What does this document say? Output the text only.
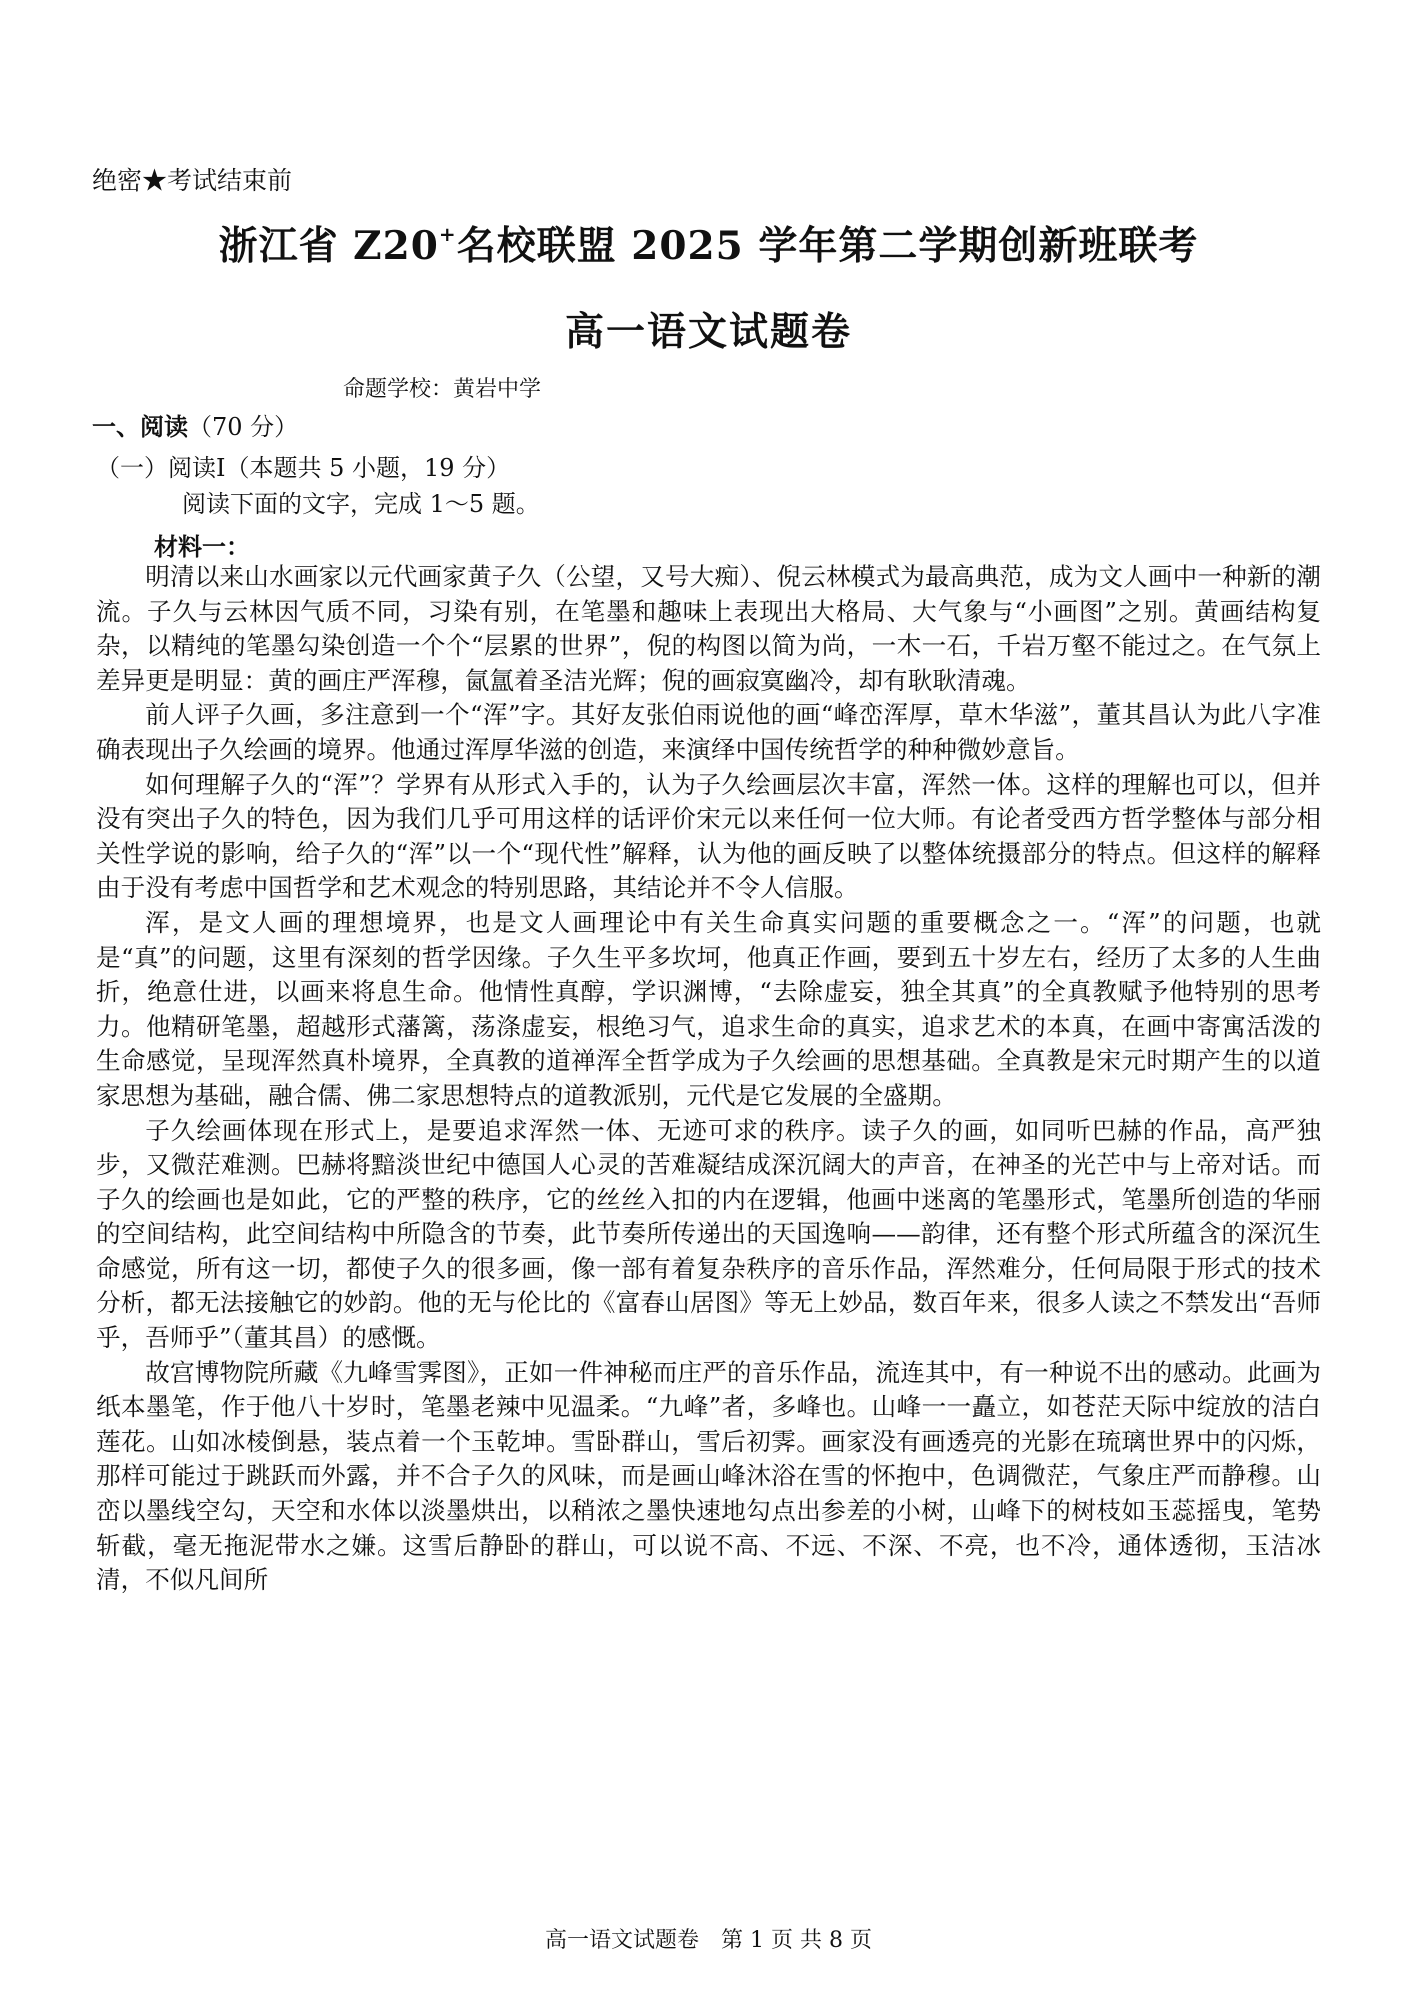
绝密★考试结束前
浙江省 Z20+名校联盟 2025 学年第二学期创新班联考
高一语文试题卷
命题学校：黄岩中学
一、阅读（70 分）
（一）阅读Ⅰ（本题共 5 小题，19 分）
阅读下面的文字，完成 1～5 题。
材料一：

明清以来山水画家以元代画家黄子久（公望，又号大痴）、倪云林模式为最高典范，成为文人画中一种新的潮流。子久与云林因气质不同，习染有别，在笔墨和趣味上表现出大格局、大气象与“小画图”之别。黄画结构复杂，以精纯的笔墨勾染创造一个个“层累的世界”，倪的构图以简为尚，一木一石，千岩万壑不能过之。在气氛上差异更是明显：黄的画庄严浑穆，氤氲着圣洁光辉；倪的画寂寞幽冷，却有耿耿清魂。

前人评子久画，多注意到一个“浑”字。其好友张伯雨说他的画“峰峦浑厚，草木华滋”，董其昌认为此八字准确表现出子久绘画的境界。他通过浑厚华滋的创造，来演绎中国传统哲学的种种微妙意旨。

如何理解子久的“浑”？学界有从形式入手的，认为子久绘画层次丰富，浑然一体。这样的理解也可以，但并没有突出子久的特色，因为我们几乎可用这样的话评价宋元以来任何一位大师。有论者受西方哲学整体与部分相关性学说的影响，给子久的“浑”以一个“现代性”解释，认为他的画反映了以整体统摄部分的特点。但这样的解释由于没有考虑中国哲学和艺术观念的特别思路，其结论并不令人信服。

浑，是文人画的理想境界，也是文人画理论中有关生命真实问题的重要概念之一。“浑”的问题，也就是“真”的问题，这里有深刻的哲学因缘。子久生平多坎坷，他真正作画，要到五十岁左右，经历了太多的人生曲折，绝意仕进，以画来将息生命。他情性真醇，学识渊博，“去除虚妄，独全其真”的全真教赋予他特别的思考力。他精研笔墨，超越形式藩篱，荡涤虚妄，根绝习气，追求生命的真实，追求艺术的本真，在画中寄寓活泼的生命感觉，呈现浑然真朴境界，全真教的道禅浑全哲学成为子久绘画的思想基础。全真教是宋元时期产生的以道家思想为基础，融合儒、佛二家思想特点的道教派别，元代是它发展的全盛期。

子久绘画体现在形式上，是要追求浑然一体、无迹可求的秩序。读子久的画，如同听巴赫的作品，高严独步，又微茫难测。巴赫将黯淡世纪中德国人心灵的苦难凝结成深沉阔大的声音，在神圣的光芒中与上帝对话。而子久的绘画也是如此，它的严整的秩序，它的丝丝入扣的内在逻辑，他画中迷离的笔墨形式，笔墨所创造的华丽的空间结构，此空间结构中所隐含的节奏，此节奏所传递出的天国逸响——韵律，还有整个形式所蕴含的深沉生命感觉，所有这一切，都使子久的很多画，像一部有着复杂秩序的音乐作品，浑然难分，任何局限于形式的技术分析，都无法接触它的妙韵。他的无与伦比的《富春山居图》等无上妙品，数百年来，很多人读之不禁发出“吾师乎，吾师乎”（董其昌）的感慨。

故宫博物院所藏《九峰雪霁图》，正如一件神秘而庄严的音乐作品，流连其中，有一种说不出的感动。此画为纸本墨笔，作于他八十岁时，笔墨老辣中见温柔。“九峰”者，多峰也。山峰一一矗立，如苍茫天际中绽放的洁白莲花。山如冰棱倒悬，装点着一个玉乾坤。雪卧群山，雪后初霁。画家没有画透亮的光影在琉璃世界中的闪烁，那样可能过于跳跃而外露，并不合子久的风味，而是画山峰沐浴在雪的怀抱中，色调微茫，气象庄严而静穆。山峦以墨线空勾，天空和水体以淡墨烘出，以稍浓之墨快速地勾点出参差的小树，山峰下的树枝如玉蕊摇曳，笔势斩截，毫无拖泥带水之嫌。这雪后静卧的群山，可以说不高、不远、不深、不亮，也不冷，通体透彻，玉洁冰清，不似凡间所

高一语文试题卷　第 1 页 共 8 页
